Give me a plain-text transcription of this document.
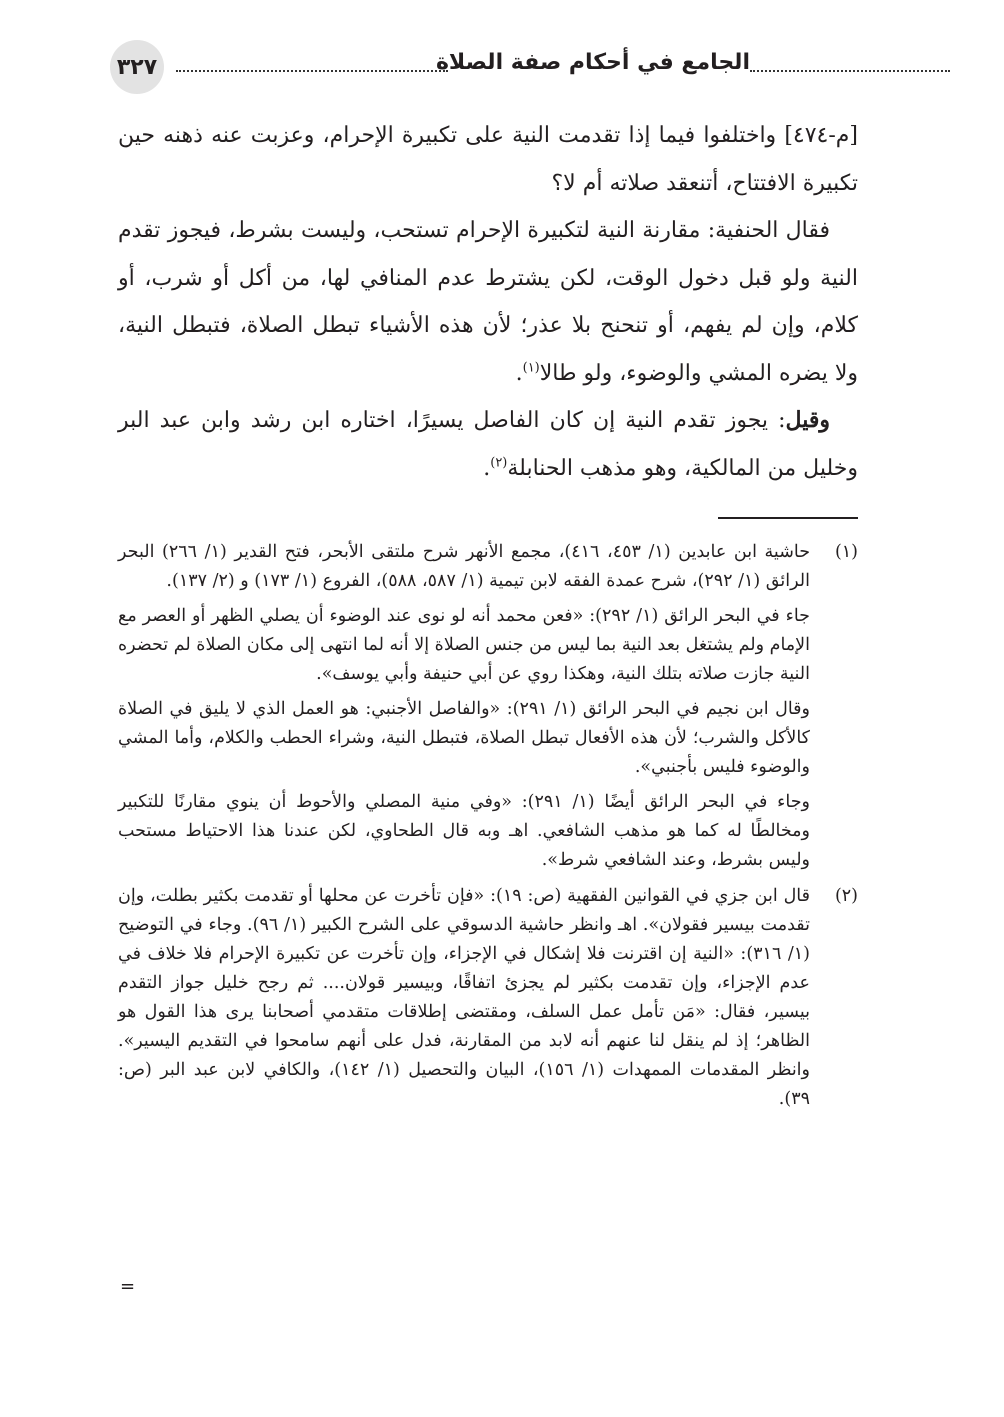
٣٢٧	الجامع في أحكام صفة الصلاة

[م-٤٧٤] واختلفوا فيما إذا تقدمت النية على تكبيرة الإحرام، وعزبت عنه ذهنه حين تكبيرة الافتتاح، أتنعقد صلاته أم لا؟

فقال الحنفية: مقارنة النية لتكبيرة الإحرام تستحب، وليست بشرط، فيجوز تقدم النية ولو قبل دخول الوقت، لكن يشترط عدم المنافي لها، من أكل أو شرب، أو كلام، وإن لم يفهم، أو تنحنح بلا عذر؛ لأن هذه الأشياء تبطل الصلاة، فتبطل النية، ولا يضره المشي والوضوء، ولو طالا$^{(١)}$.

وقيل: يجوز تقدم النية إن كان الفاصل يسيرًا، اختاره ابن رشد وابن عبد البر وخليل من المالكية، وهو مذهب الحنابلة$^{(٢)}$.

(١)

حاشية ابن عابدين (١/ ٤٥٣، ٤١٦)، مجمع الأنهر شرح ملتقى الأبحر، فتح القدير (١/ ٢٦٦) البحر الرائق (١/ ٢٩٢)، شرح عمدة الفقه لابن تيمية (١/ ٥٨٧، ٥٨٨)، الفروع (١/ ١٧٣) و (٢/ ١٣٧).

جاء في البحر الرائق (١/ ٢٩٢): «فعن محمد أنه لو نوى عند الوضوء أن يصلي الظهر أو العصر مع الإمام ولم يشتغل بعد النية بما ليس من جنس الصلاة إلا أنه لما انتهى إلى مكان الصلاة لم تحضره النية جازت صلاته بتلك النية، وهكذا روي عن أبي حنيفة وأبي يوسف».

وقال ابن نجيم في البحر الرائق (١/ ٢٩١): «والفاصل الأجنبي: هو العمل الذي لا يليق في الصلاة كالأكل والشرب؛ لأن هذه الأفعال تبطل الصلاة، فتبطل النية، وشراء الحطب والكلام، وأما المشي والوضوء فليس بأجنبي».

وجاء في البحر الرائق أيضًا (١/ ٢٩١): «وفي منية المصلي والأحوط أن ينوي مقارنًا للتكبير ومخالطًا له كما هو مذهب الشافعي. اهـ وبه قال الطحاوي، لكن عندنا هذا الاحتياط مستحب وليس بشرط، وعند الشافعي شرط».

(٢)

قال ابن جزي في القوانين الفقهية (ص: ١٩): «فإن تأخرت عن محلها أو تقدمت بكثير بطلت، وإن تقدمت بيسير فقولان». اهـ وانظر حاشية الدسوقي على الشرح الكبير (١/ ٩٦). وجاء في التوضيح (١/ ٣١٦): «النية إن اقترنت فلا إشكال في الإجزاء، وإن تأخرت عن تكبيرة الإحرام فلا خلاف في عدم الإجزاء، وإن تقدمت بكثير لم يجزئ اتفاقًا، وبيسير قولان.... ثم رجح خليل جواز التقدم بيسير، فقال: «مَن تأمل عمل السلف، ومقتضى إطلاقات متقدمي أصحابنا يرى هذا القول هو الظاهر؛ إذ لم ينقل لنا عنهم أنه لابد من المقارنة، فدل على أنهم سامحوا في التقديم اليسير». وانظر المقدمات الممهدات (١/ ١٥٦)، البيان والتحصيل (١/ ١٤٢)، والكافي لابن عبد البر (ص: ٣٩).

=
